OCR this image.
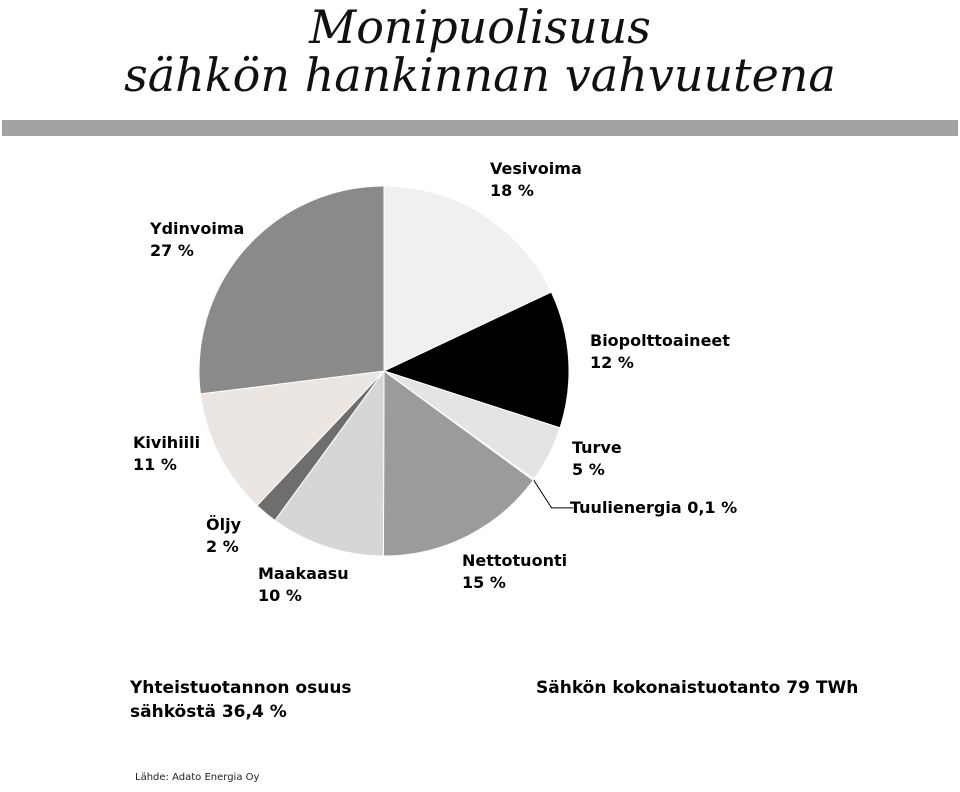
Monipuolisuus
sähkön hankinnan vahvuutena
Vesivoima
18 %
Biopolttoaineet
12 %
Turve
5 %
Tuulienergia 0,1 %
Nettotuonti
15 %
Maakaasu
10 %
Öljy
2 %
Kivihiili
11 %
Ydinvoima
27 %
Yhteistuotannon osuus
sähköstä 36,4 %
Sähkön kokonaistuotanto 79 TWh
Lähde: Adato Energia Oy
